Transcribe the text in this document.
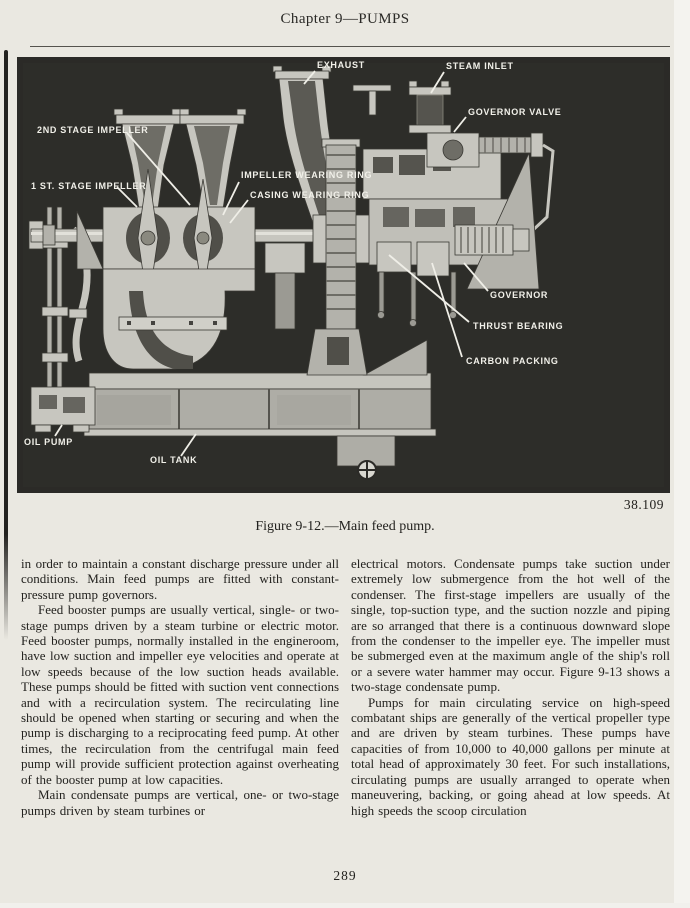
Chapter 9—PUMPS
2ND STAGE IMPELLER
1 ST. STAGE IMPELLER
IMPELLER WEARING RING
CASING WEARING RING
EXHAUST	STEAM INLET
GOVERNOR VALVE
GOVERNOR
THRUST BEARING
CARBON PACKING
OIL PUMP
OIL TANK
38.109
Figure 9-12.—Main feed pump.

in order to maintain a constant discharge pressure under all conditions. Main feed pumps are fitted with constant-pressure pump governors.

Feed booster pumps are usually vertical, single- or two-stage pumps driven by a steam turbine or electric motor. Feed booster pumps, normally installed in the engineroom, have low suction and impeller eye velocities and operate at low speeds because of the low suction heads available. These pumps should be fitted with suction vent connections and with a recirculation system. The recirculating line should be opened when starting or securing and when the pump is discharging to a reciprocating feed pump. At other times, the recirculation from the centrifugal main feed pump will provide sufficient protection against overheating of the booster pump at low capacities.

Main condensate pumps are vertical, one- or two-stage pumps driven by steam turbines or

electrical motors. Condensate pumps take suction under extremely low submergence from the hot well of the condenser. The first-stage impellers are usually of the single, top-suction type, and the suction nozzle and piping are so arranged that there is a continuous downward slope from the condenser to the impeller eye. The impeller must be submerged even at the maximum angle of the ship's roll or a severe water hammer may occur. Figure 9-13 shows a two-stage condensate pump.

Pumps for main circulating service on high-speed combatant ships are generally of the vertical propeller type and are driven by steam turbines. These pumps have capacities of from 10,000 to 40,000 gallons per minute at total head of approximately 30 feet. For such installations, circulating pumps are usually arranged to operate when maneuvering, backing, or going ahead at low speeds. At high speeds the scoop circulation

289
